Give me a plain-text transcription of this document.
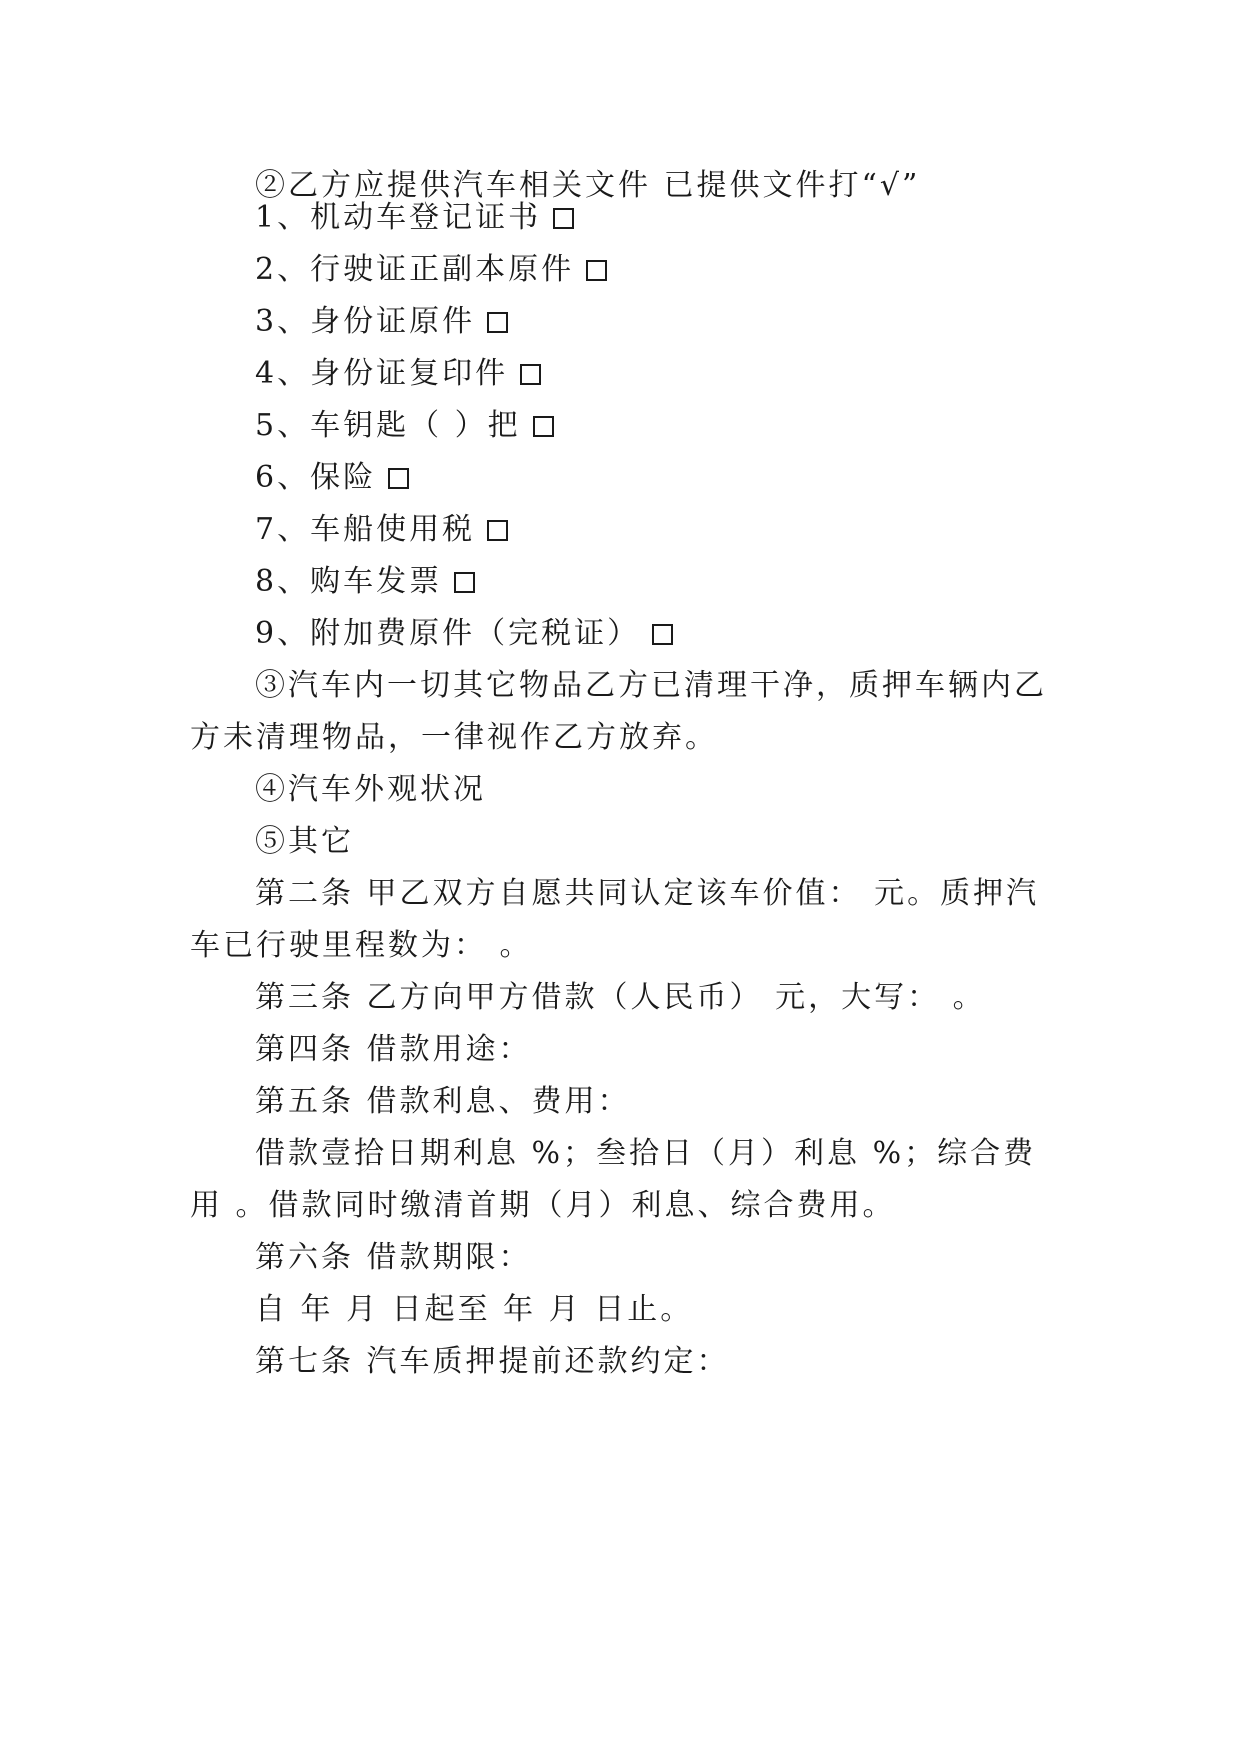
②乙方应提供汽车相关文件 已提供文件打“√”
1、机动车登记证书
2、行驶证正副本原件
3、身份证原件
4、身份证复印件
5、车钥匙（ ）把
6、保险
7、车船使用税
8、购车发票
9、附加费原件（完税证）
③汽车内一切其它物品乙方已清理干净，质押车辆内乙
方未清理物品，一律视作乙方放弃。
④汽车外观状况
⑤其它
第二条 甲乙双方自愿共同认定该车价值： 元。质押汽
车已行驶里程数为： 。
第三条 乙方向甲方借款（人民币） 元，大写： 。
第四条 借款用途：
第五条 借款利息、费用：
借款壹拾日期利息 %；叁拾日（月）利息 %；综合费
用 。借款同时缴清首期（月）利息、综合费用。
第六条 借款期限：
自 年 月 日起至 年 月 日止。
第七条 汽车质押提前还款约定：
